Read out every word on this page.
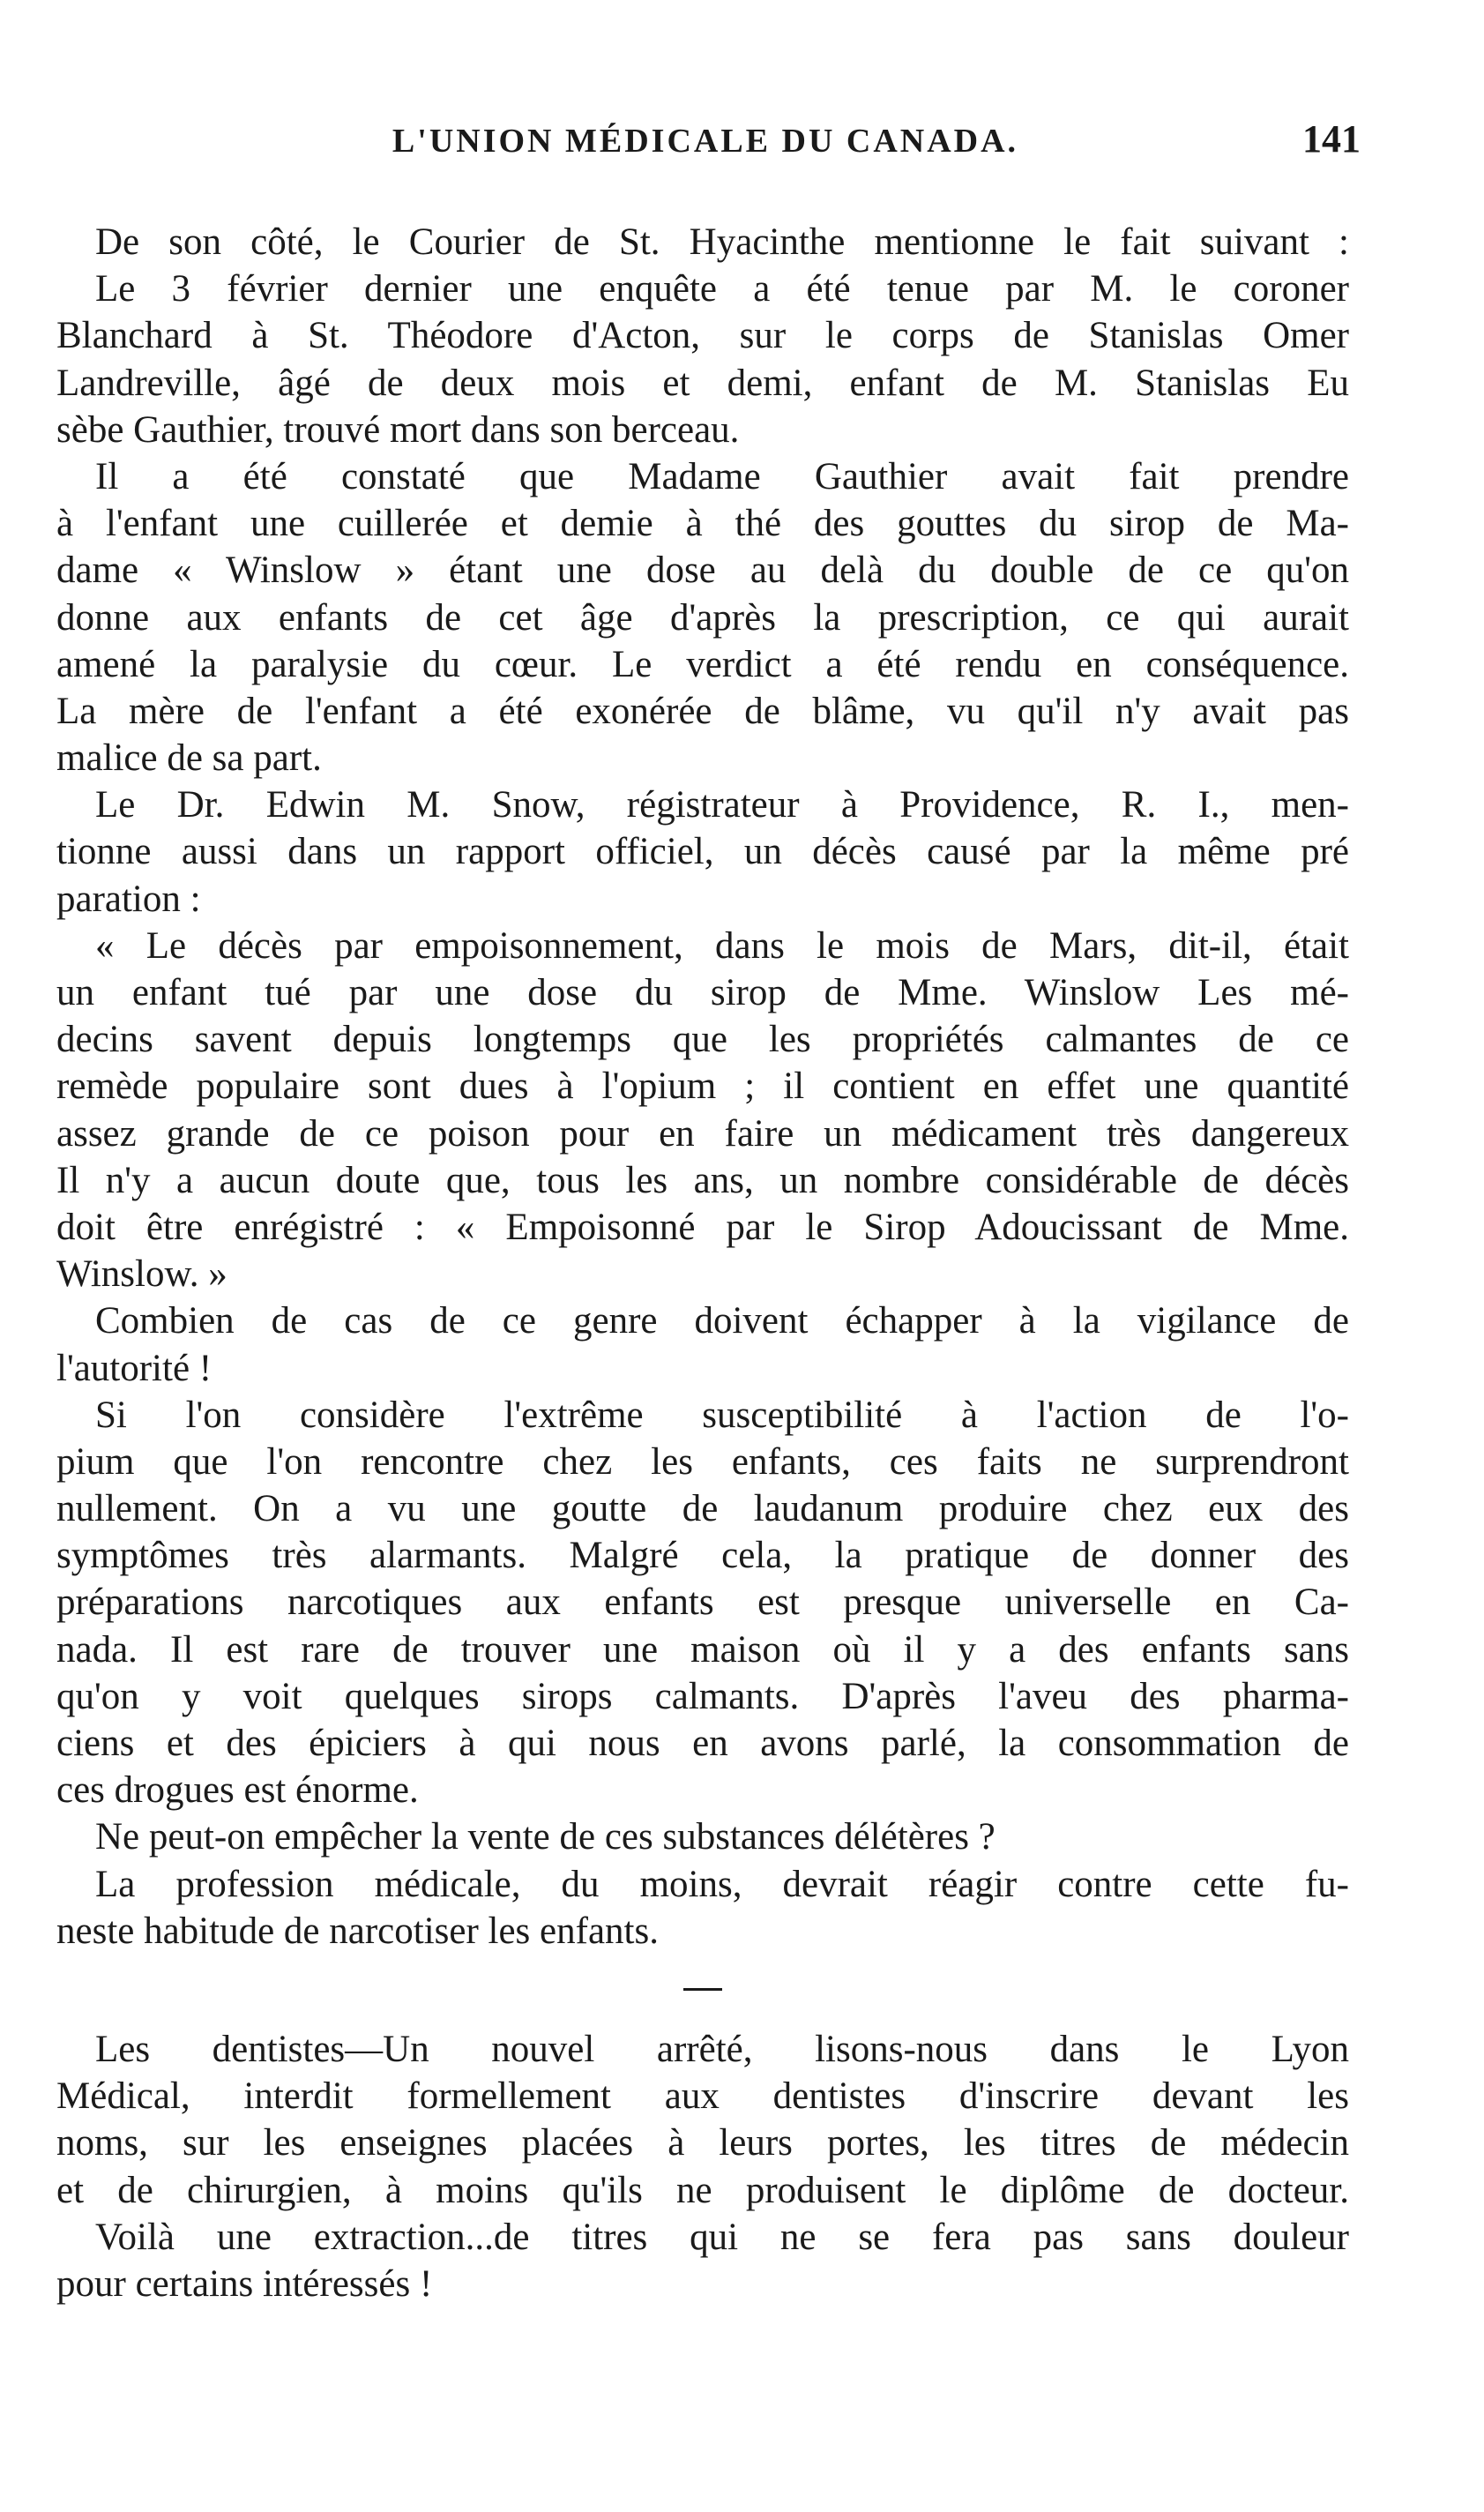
L'UNION MÉDICALE DU CANADA.	141
De son côté, le Courier de St. Hyacinthe mentionne le fait suivant :
Le 3 février dernier une enquête a été tenue par M. le coroner
Blanchard à St. Théodore d'Acton, sur le corps de Stanislas Omer
Landreville, âgé de deux mois et demi, enfant de M. Stanislas Eu
sèbe Gauthier, trouvé mort dans son berceau.
Il a été constaté que Madame Gauthier avait fait prendre
à l'enfant une cuillerée et demie à thé des gouttes du sirop de Ma-
dame « Winslow » étant une dose au delà du double de ce qu'on
donne aux enfants de cet âge d'après la prescription, ce qui aurait
amené la paralysie du cœur. Le verdict a été rendu en conséquence.
La mère de l'enfant a été exonérée de blâme, vu qu'il n'y avait pas
malice de sa part.
Le Dr. Edwin M. Snow, régistrateur à Providence, R. I., men-
tionne aussi dans un rapport officiel, un décès causé par la même pré
paration :
« Le décès par empoisonnement, dans le mois de Mars, dit-il, était
un enfant tué par une dose du sirop de Mme. Winslow Les mé-
decins savent depuis longtemps que les propriétés calmantes de ce
remède populaire sont dues à l'opium ; il contient en effet une quantité
assez grande de ce poison pour en faire un médicament très dangereux
Il n'y a aucun doute que, tous les ans, un nombre considérable de décès
doit être enrégistré : « Empoisonné par le Sirop Adoucissant de Mme.
Winslow. »
Combien de cas de ce genre doivent échapper à la vigilance de
l'autorité !
Si l'on considère l'extrême susceptibilité à l'action de l'o-
pium que l'on rencontre chez les enfants, ces faits ne surprendront
nullement. On a vu une goutte de laudanum produire chez eux des
symptômes très alarmants. Malgré cela, la pratique de donner des
préparations narcotiques aux enfants est presque universelle en Ca-
nada. Il est rare de trouver une maison où il y a des enfants sans
qu'on y voit quelques sirops calmants. D'après l'aveu des pharma-
ciens et des épiciers à qui nous en avons parlé, la consommation de
ces drogues est énorme.
Ne peut-on empêcher la vente de ces substances délétères ?
La profession médicale, du moins, devrait réagir contre cette fu-
neste habitude de narcotiser les enfants.
Les dentistes—Un nouvel arrêté, lisons-nous dans le Lyon
Médical, interdit formellement aux dentistes d'inscrire devant les
noms, sur les enseignes placées à leurs portes, les titres de médecin
et de chirurgien, à moins qu'ils ne produisent le diplôme de docteur.
Voilà une extraction...de titres qui ne se fera pas sans douleur
pour certains intéressés !
